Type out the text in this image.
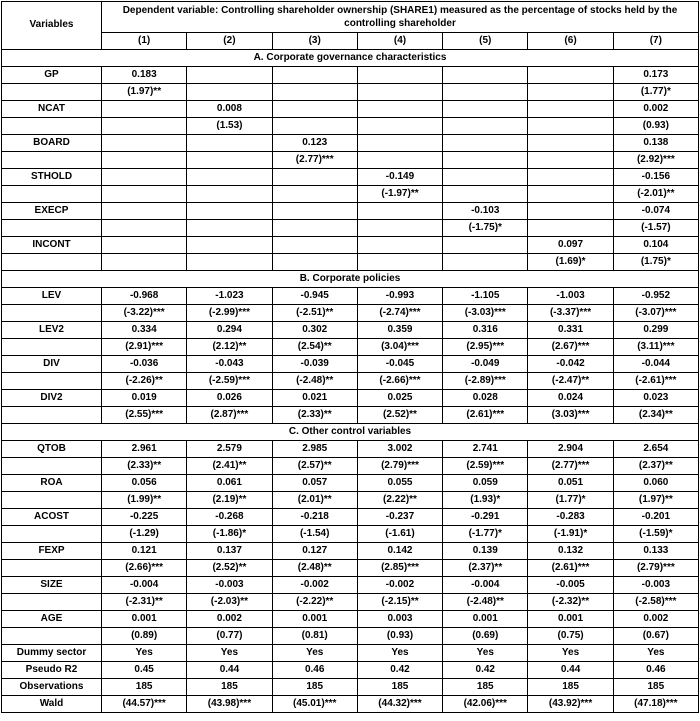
Variables	Dependent variable: Controlling shareholder ownership (SHARE1) measured as the percentage of stocks held by the controlling shareholder						
	(1)	(2)	(3)	(4)	(5)	(6)	(7)
A. Corporate governance characteristics							
GP	0.183						0.173
	(1.97)**						(1.77)*
NCAT		0.008					0.002
		(1.53)					(0.93)
BOARD			0.123				0.138
			(2.77)***				(2.92)***
STHOLD				-0.149			-0.156
				(-1.97)**			(-2.01)**
EXECP					-0.103		-0.074
					(-1.75)*		(-1.57)
INCONT						0.097	0.104
						(1.69)*	(1.75)*
B. Corporate policies							
LEV	-0.968	-1.023	-0.945	-0.993	-1.105	-1.003	-0.952
	(-3.22)***	(-2.99)***	(-2.51)**	(-2.74)***	(-3.03)***	(-3.37)***	(-3.07)***
LEV2	0.334	0.294	0.302	0.359	0.316	0.331	0.299
	(2.91)***	(2.12)**	(2.54)**	(3.04)***	(2.95)***	(2.67)***	(3.11)***
DIV	-0.036	-0.043	-0.039	-0.045	-0.049	-0.042	-0.044
	(-2.26)**	(-2.59)***	(-2.48)**	(-2.66)***	(-2.89)***	(-2.47)**	(-2.61)***
DIV2	0.019	0.026	0.021	0.025	0.028	0.024	0.023
	(2.55)***	(2.87)***	(2.33)**	(2.52)**	(2.61)***	(3.03)***	(2.34)**
C. Other control variables							
QTOB	2.961	2.579	2.985	3.002	2.741	2.904	2.654
	(2.33)**	(2.41)**	(2.57)**	(2.79)***	(2.59)***	(2.77)***	(2.37)**
ROA	0.056	0.061	0.057	0.055	0.059	0.051	0.060
	(1.99)**	(2.19)**	(2.01)**	(2.22)**	(1.93)*	(1.77)*	(1.97)**
ACOST	-0.225	-0.268	-0.218	-0.237	-0.291	-0.283	-0.201
	(-1.29)	(-1.86)*	(-1.54)	(-1.61)	(-1.77)*	(-1.91)*	(-1.59)*
FEXP	0.121	0.137	0.127	0.142	0.139	0.132	0.133
	(2.66)***	(2.52)**	(2.48)**	(2.85)***	(2.37)**	(2.61)***	(2.79)***
SIZE	-0.004	-0.003	-0.002	-0.002	-0.004	-0.005	-0.003
	(-2.31)**	(-2.03)**	(-2.22)**	(-2.15)**	(-2.48)**	(-2.32)**	(-2.58)***
AGE	0.001	0.002	0.001	0.003	0.001	0.001	0.002
	(0.89)	(0.77)	(0.81)	(0.93)	(0.69)	(0.75)	(0.67)
Dummy sector	Yes	Yes	Yes	Yes	Yes	Yes	Yes
Pseudo R2	0.45	0.44	0.46	0.42	0.42	0.44	0.46
Observations	185	185	185	185	185	185	185
Wald	(44.57)***	(43.98)***	(45.01)***	(44.32)***	(42.06)***	(43.92)***	(47.18)***
